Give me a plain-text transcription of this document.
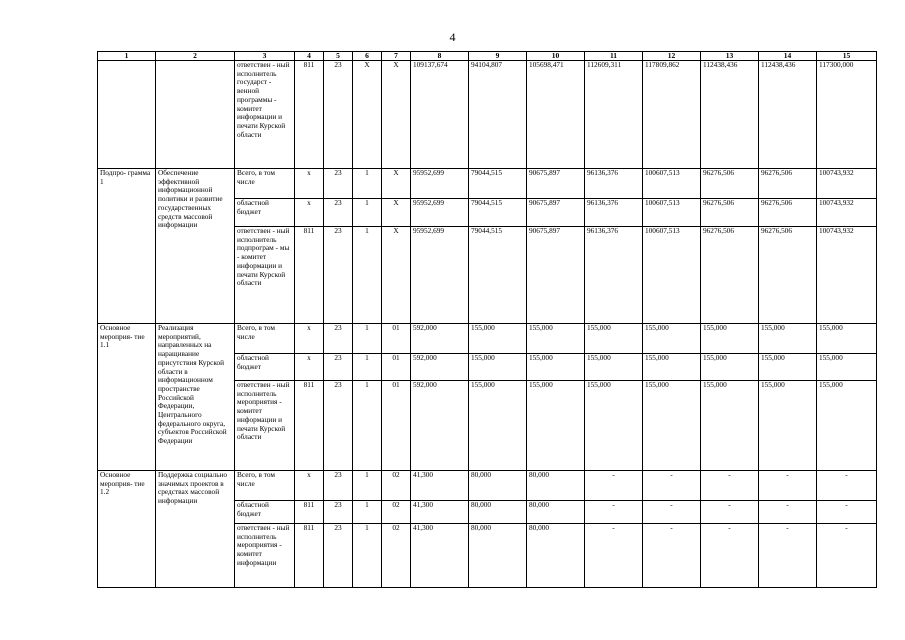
4
1	2	3	4	5	6	7	8	9	10	11	12	13	14	15
		ответствен - ный исполнитель государст - венной программы - комитет информации и печати Курской области	811	23	Х	Х	109137,674	94104,807	105698,471	112609,311	117809,862	112438,436	112438,436	117300,000
Подпро- грамма 1	Обеспечение эффективной информационной политики и развитие государственных средств массовой информации	Всего, в том числе	х	23	1	Х	95952,699	79044,515	90675,897	96136,376	100607,513	96276,506	96276,506	100743,932
		областной бюджет	х	23	1	Х	95952,699	79044,515	90675,897	96136,376	100607,513	96276,506	96276,506	100743,932
		ответствен - ный исполнитель подпрограм - мы - комитет информации и печати Курской области	811	23	1	Х	95952,699	79044,515	90675,897	96136,376	100607,513	96276,506	96276,506	100743,932
Основное мероприя- тие 1.1	Реализация мероприятий, направленных на наращивание присутствия Курской области в информационном пространстве Российской Федерации, Центрального федерального округа, субъектов Российской Федерации	Всего, в том числе	х	23	1	01	592,000	155,000	155,000	155,000	155,000	155,000	155,000	155,000
		областной бюджет	х	23	1	01	592,000	155,000	155,000	155,000	155,000	155,000	155,000	155,000
		ответствен - ный исполнитель мероприятия - комитет информации и печати Курской области	811	23	1	01	592,000	155,000	155,000	155,000	155,000	155,000	155,000	155,000
Основное мероприя- тие 1.2	Поддержка социально значимых проектов в средствах массовой информации	Всего, в том числе	х	23	1	02	41,300	80,000	80,000	-	-	-	-	-
		областной бюджет	811	23	1	02	41,300	80,000	80,000	-	-	-	-	-
		ответствен - ный исполнитель мероприятия - комитет информации	811	23	1	02	41,300	80,000	80,000	-	-	-	-	-
